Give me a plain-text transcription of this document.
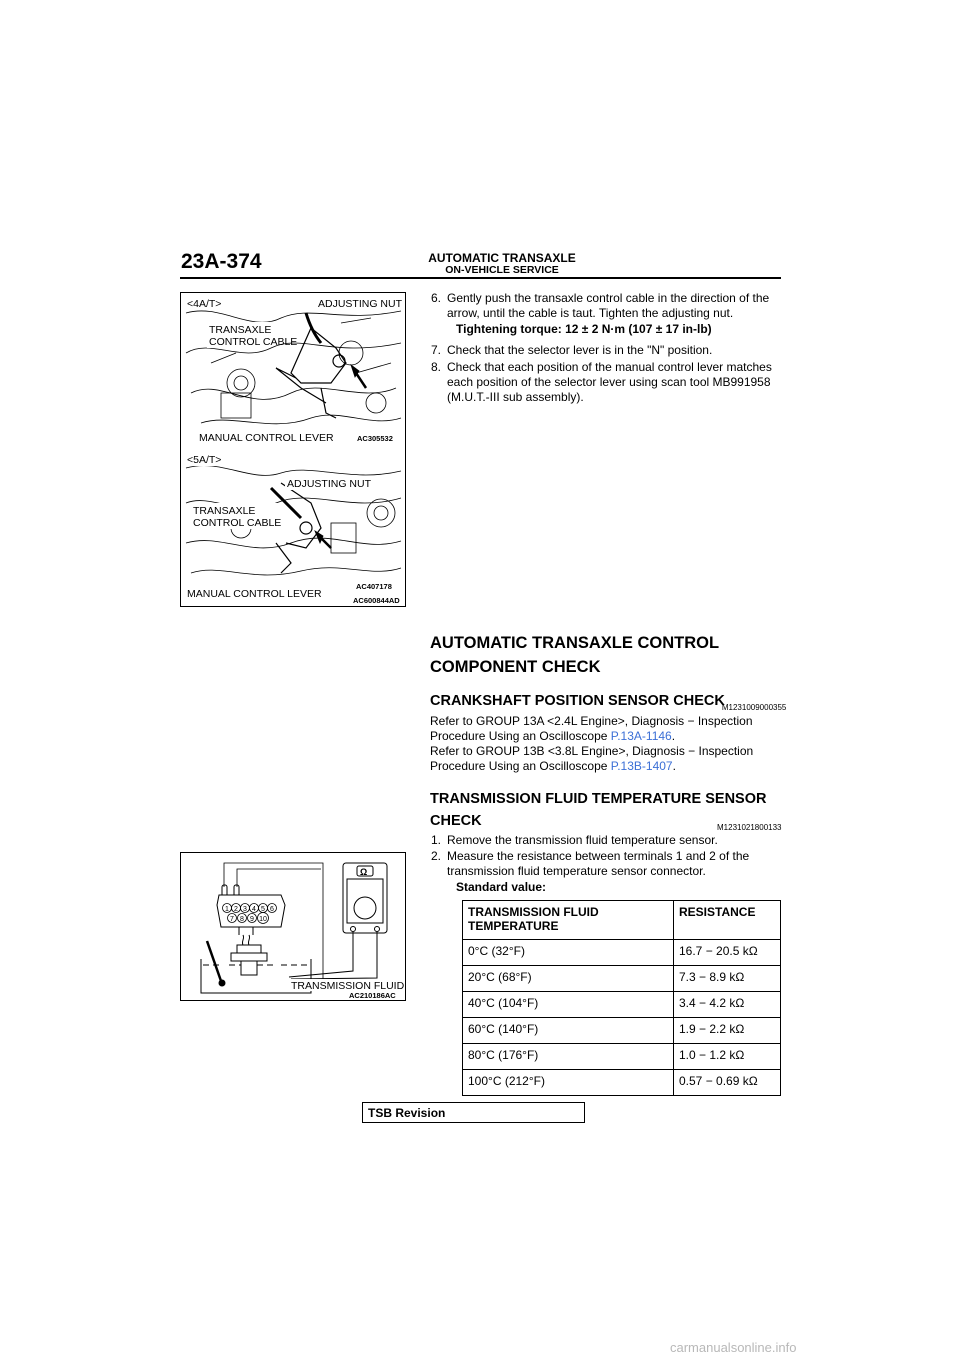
23A-374	AUTOMATIC TRANSAXLE
ON-VEHICLE SERVICE
<4A/T>	ADJUSTING NUT
TRANSAXLE
CONTROL CABLE
MANUAL CONTROL LEVER
<5A/T>
ADJUSTING NUT
TRANSAXLE
CONTROL CABLE
MANUAL CONTROL LEVER
AC305532
AC407178
AC600844AD
6. Gently push the transaxle control cable in the direction of the arrow, until the cable is taut. Tighten the adjusting nut.
Tightening torque: 12 ± 2 N·m (107 ± 17 in-lb)
7. Check that the selector lever is in the "N" position.
8. Check that each position of the manual control lever matches each position of the selector lever using scan tool MB991958 (M.U.T.-III sub assembly).
AUTOMATIC TRANSAXLE CONTROL
COMPONENT CHECK
CRANKSHAFT POSITION SENSOR $CHECK_{M1231009000355}$
Refer to GROUP 13A <2.4L Engine>, Diagnosis − Inspection
Procedure Using an Oscilloscope P.13A-1146.
Refer to GROUP 13B <3.8L Engine>, Diagnosis − Inspection
Procedure Using an Oscilloscope P.13B-1407.
TRANSMISSION FLUID TEMPERATURE SENSOR
CHECK	M1231021800133
1. Remove the transmission fluid temperature sensor.
2. Measure the resistance between terminals 1 and 2 of the transmission fluid temperature sensor connector.
Standard value:
Ω
1 2 3 4 5 6
7 8 9 10
TRANSMISSION FLUID
AC210186AC
TRANSMISSION FLUID
TEMPERATURE	RESISTANCE
0°C (32°F)	16.7 − 20.5 kΩ
20°C (68°F)	7.3 − 8.9 kΩ
40°C (104°F)	3.4 − 4.2 kΩ
60°C (140°F)	1.9 − 2.2 kΩ
80°C (176°F)	1.0 − 1.2 kΩ
100°C (212°F)	0.57 − 0.69 kΩ
TSB Revision
carmanualsonline.info
